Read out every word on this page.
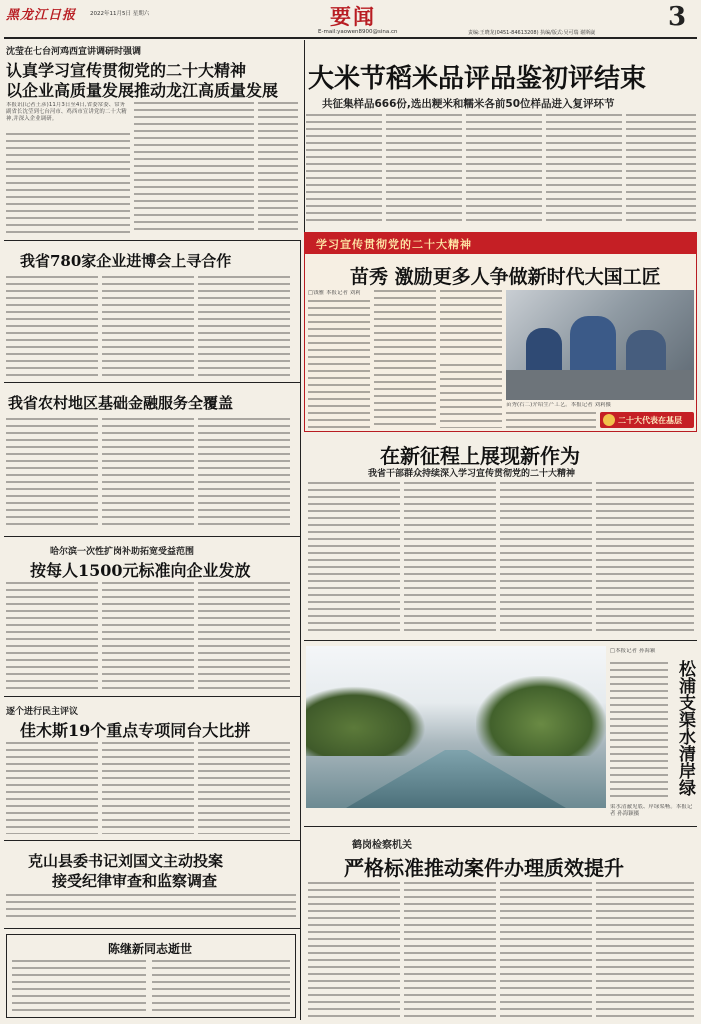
黑龙江日报	2022年11月5日 星期六	要闻
E-mail:yaowen8900@sina.cn	责编:王晓龙(0451-84613208) 执编/版式:吴可瑞 谢斯崴
3
沈莹在七台河鸡西宣讲调研时强调
认真学习宣传贯彻党的二十大精神
以企业高质量发展推动龙江高质量发展
本报讯(记者王彦)11月3日至4日,省委常委、常务副省长沈莹到七台河市、鸡西市宣讲党的二十大精神,并深入企业调研。
大米节稻米品评品鉴初评结束
共征集样品666份,选出粳米和糯米各前50位样品进入复评环节
我省780家企业进博会上寻合作
学习宣传贯彻党的二十大精神
苗秀 激励更多人争做新时代大国工匠
□钱雅 本报记者 刘莉
苗秀(右二)介绍生产工艺。本报记者 刘莉摄
二十大代表在基层
我省农村地区基础金融服务全覆盖
在新征程上展现新作为
我省干部群众持续深入学习宣传贯彻党的二十大精神
哈尔滨一次性扩岗补助拓宽受益范围
按每人1500元标准向企业发放
逐个进行民主评议
佳木斯19个重点专项同台大比拼
□本报记者 孙海颖
松浦支渠水清岸绿
渠水清澈见底、岸绿渠畅。本报记者 孙海颖摄
鹤岗检察机关
严格标准推动案件办理质效提升
克山县委书记刘国文主动投案
接受纪律审查和监察调查
陈继新同志逝世
